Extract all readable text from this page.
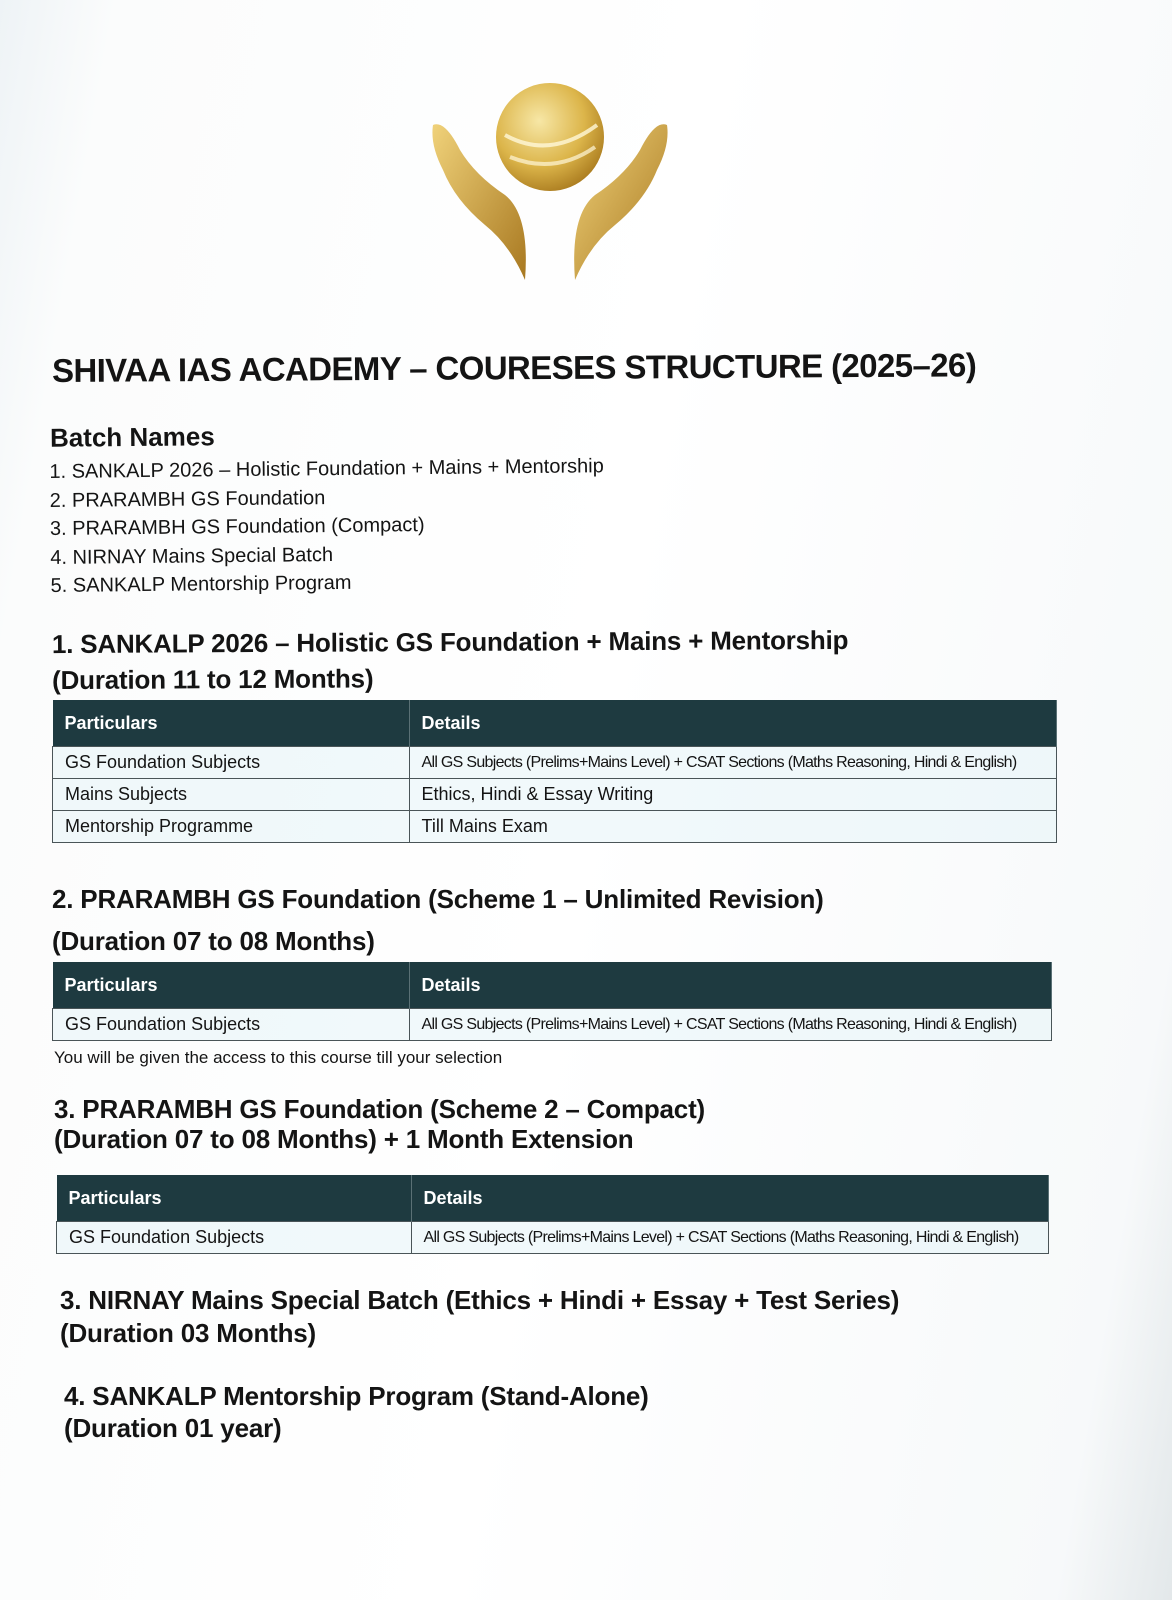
SHIVAA IAS ACADEMY – COURESES STRUCTURE (2025–26)
Batch Names
1. SANKALP 2026 – Holistic Foundation + Mains + Mentorship
2. PRARAMBH GS Foundation
3. PRARAMBH GS Foundation (Compact)
4. NIRNAY Mains Special Batch
5. SANKALP Mentorship Program
1. SANKALP 2026 – Holistic GS Foundation + Mains + Mentorship
(Duration 11 to 12 Months)
Particulars	Details
GS Foundation Subjects	All GS Subjects (Prelims+Mains Level) + CSAT Sections (Maths Reasoning, Hindi & English)
Mains Subjects	Ethics, Hindi & Essay Writing
Mentorship Programme	Till Mains Exam
2. PRARAMBH GS Foundation (Scheme 1 – Unlimited Revision)
(Duration 07 to 08 Months)
Particulars	Details
GS Foundation Subjects	All GS Subjects (Prelims+Mains Level) + CSAT Sections (Maths Reasoning, Hindi & English)
You will be given the access to this course till your selection
3. PRARAMBH GS Foundation (Scheme 2 – Compact)
(Duration 07 to 08 Months) + 1 Month Extension
Particulars	Details
GS Foundation Subjects	All GS Subjects (Prelims+Mains Level) + CSAT Sections (Maths Reasoning, Hindi & English)
3. NIRNAY Mains Special Batch (Ethics + Hindi + Essay + Test Series)
(Duration 03 Months)
4. SANKALP Mentorship Program (Stand-Alone)
(Duration 01 year)
